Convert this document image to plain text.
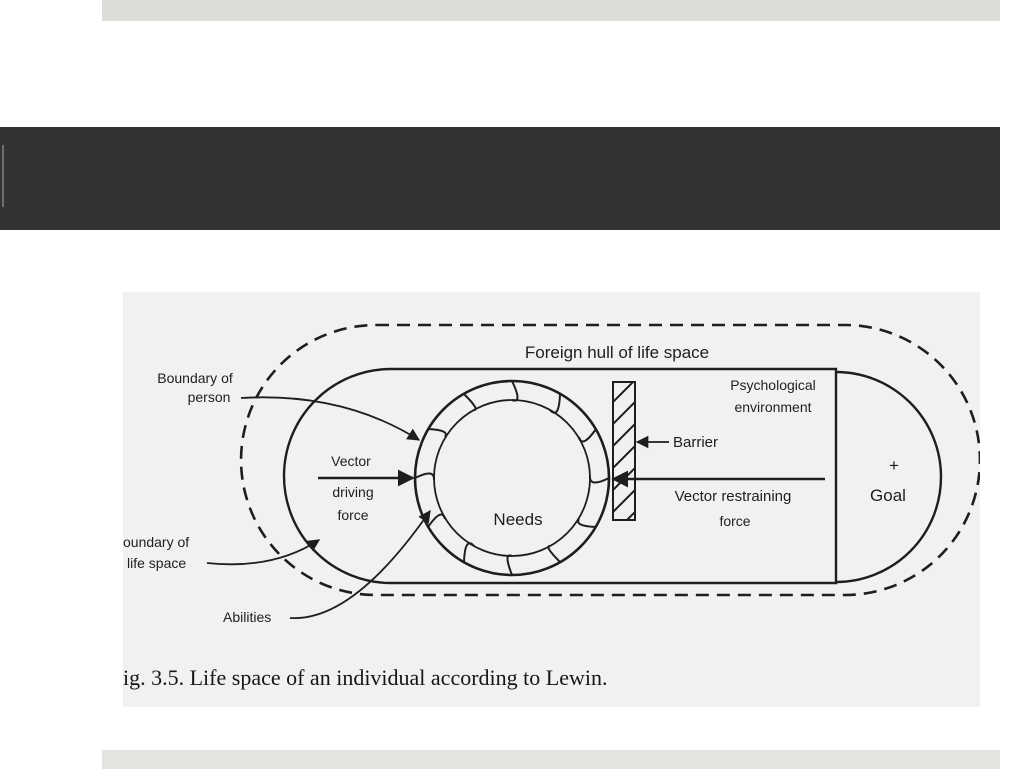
Foreign hull of life space
Boundary of
person
Psychological
environment
Barrier
Vector
driving
force	Needs
Vector restraining
force
+
Goal
oundary of
life space
Abilities
ig. 3.5. Life space of an individual according to Lewin.
